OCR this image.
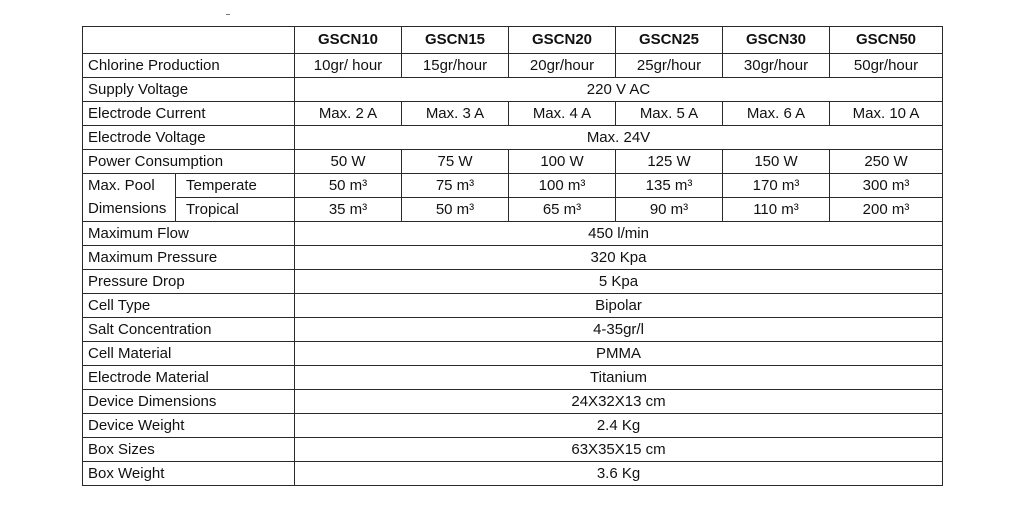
		GSCN10	GSCN15	GSCN20	GSCN25	GSCN30	GSCN50
Chlorine Production		10gr/ hour	15gr/hour	20gr/hour	25gr/hour	30gr/hour	50gr/hour
Supply Voltage		220 V AC					
Electrode Current		Max. 2 A	Max. 3 A	Max. 4 A	Max. 5 A	Max. 6 A	Max. 10 A
Electrode Voltage		Max. 24V					
Power Consumption		50 W	75 W	100 W	125 W	150 W	250 W
Max. Pool	Temperate	50 m³	75 m³	100 m³	135 m³	170 m³	300 m³
Dimensions	Tropical	35 m³	50 m³	65 m³	90 m³	110 m³	200 m³
Maximum Flow		450 l/min					
Maximum Pressure		320 Kpa					
Pressure Drop		5 Kpa					
Cell Type		Bipolar					
Salt Concentration		4-35gr/l					
Cell Material		PMMA					
Electrode Material		Titanium					
Device Dimensions		24X32X13 cm					
Device Weight		2.4 Kg					
Box Sizes		63X35X15 cm					
Box Weight		3.6 Kg					
